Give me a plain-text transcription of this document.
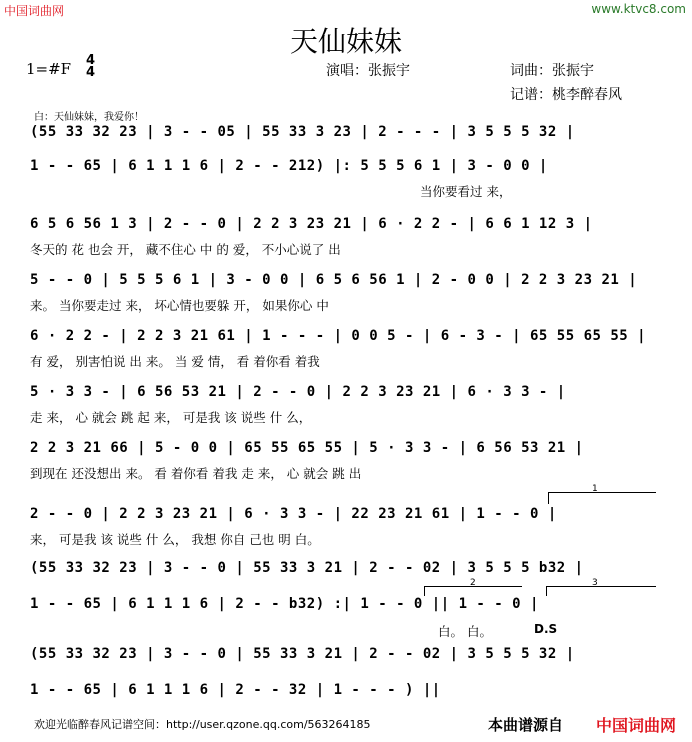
中国词曲网	www.ktvc8.com
天仙妹妹
1=#F 4
4	演唱：张振宇	词曲：张振宇
记谱：桃李醉春风
白：天仙妹妹，我爱你！
(55 33 32 23 | 3 - - 05 | 55 33 3 23 | 2 - - - | 3 5 5 5 32 |
1 - - 65 | 6 1 1 1 6 | 2 - - 212) |: 5 5 5 6 1 | 3 - 0 0 |
当你要看过 来，
6 5 6 56 1 3 | 2 - - 0 | 2 2 3 23 21 | 6 · 2 2 - | 6 6 1 12 3 |
冬天的 花 也会 开， 藏不住心 中 的 爱， 不小心说了 出
5 - - 0 | 5 5 5 6 1 | 3 - 0 0 | 6 5 6 56 1 | 2 - 0 0 | 2 2 3 23 21 |
来。 当你要走过 来， 坏心情也要躲 开， 如果你心 中
6 · 2 2 - | 2 2 3 21 61 | 1 - - - | 0 0 5 - | 6 - 3 - | 65 55 65 55 |
有 爱， 别害怕说 出 来。 当 爱 情， 看 着你看 着我
5 · 3 3 - | 6 56 53 21 | 2 - - 0 | 2 2 3 23 21 | 6 · 3 3 - |
走 来， 心 就会 跳 起 来， 可是我 该 说些 什 么，
2 2 3 21 66 | 5 - 0 0 | 65 55 65 55 | 5 · 3 3 - | 6 56 53 21 |
到现在 还没想出 来。 看 着你看 着我 走 来， 心 就会 跳 出
1
2 - - 0 | 2 2 3 23 21 | 6 · 3 3 - | 22 23 21 61 | 1 - - 0 |
来， 可是我 该 说些 什 么， 我想 你自 己也 明 白。
(55 33 32 23 | 3 - - 0 | 55 33 3 21 | 2 - - 02 | 3 5 5 5 b32 |
2	3
1 - - 65 | 6 1 1 1 6 | 2 - - b32) :| 1 - - 0 || 1 - - 0 |
白。 白。	D.S
(55 33 32 23 | 3 - - 0 | 55 33 3 21 | 2 - - 02 | 3 5 5 5 32 |
1 - - 65 | 6 1 1 1 6 | 2 - - 32 | 1 - - - ) ||
欢迎光临醉春风记谱空间：http://user.qzone.qq.com/563264185	本曲谱源自 中国词曲网
